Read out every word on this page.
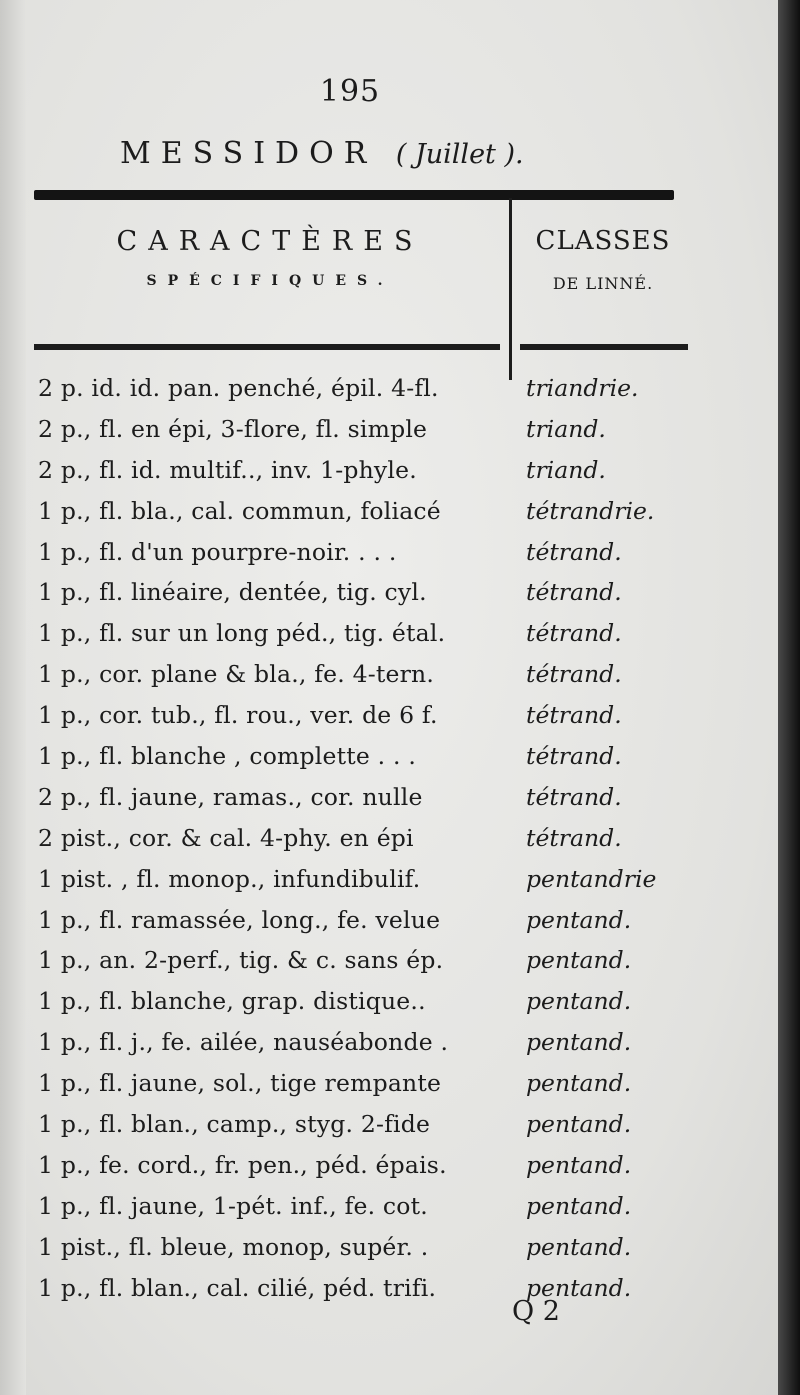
195
MESSIDOR ( Juillet ).
CARACTÈRES
SPÉCIFIQUES.
CLASSES
DE LINNÉ.
2 p. id. id. pan. penché, épil. 4-fl.	triandrie.
2 p., fl. en épi, 3-flore, fl. simple	triand.
2 p., fl. id. multif.., inv. 1-phyle.	triand.
1 p., fl. bla., cal. commun, foliacé	tétrandrie.
1 p., fl. d'un pourpre-noir. . . .	tétrand.
1 p., fl. linéaire, dentée, tig. cyl.	tétrand.
1 p., fl. sur un long péd., tig. étal.	tétrand.
1 p., cor. plane & bla., fe. 4-tern.	tétrand.
1 p., cor. tub., fl. rou., ver. de 6 f.	tétrand.
1 p., fl. blanche , complette . . .	tétrand.
2 p., fl. jaune, ramas., cor. nulle	tétrand.
2 pist., cor. & cal. 4-phy. en épi	tétrand.
1 pist. , fl. monop., infundibulif.	pentandrie
1 p., fl. ramassée, long., fe. velue	pentand.
1 p., an. 2-perf., tig. & c. sans ép.	pentand.
1 p., fl. blanche, grap. distique..	pentand.
1 p., fl. j., fe. ailée, nauséabonde .	pentand.
1 p., fl. jaune, sol., tige rempante	pentand.
1 p., fl. blan., camp., styg. 2-fide	pentand.
1 p., fe. cord., fr. pen., péd. épais.	pentand.
1 p., fl. jaune, 1-pét. inf., fe. cot.	pentand.
1 pist., fl. bleue, monop, supér. .	pentand.
1 p., fl. blan., cal. cilié, péd. trifi.	pentand.
Q 2
